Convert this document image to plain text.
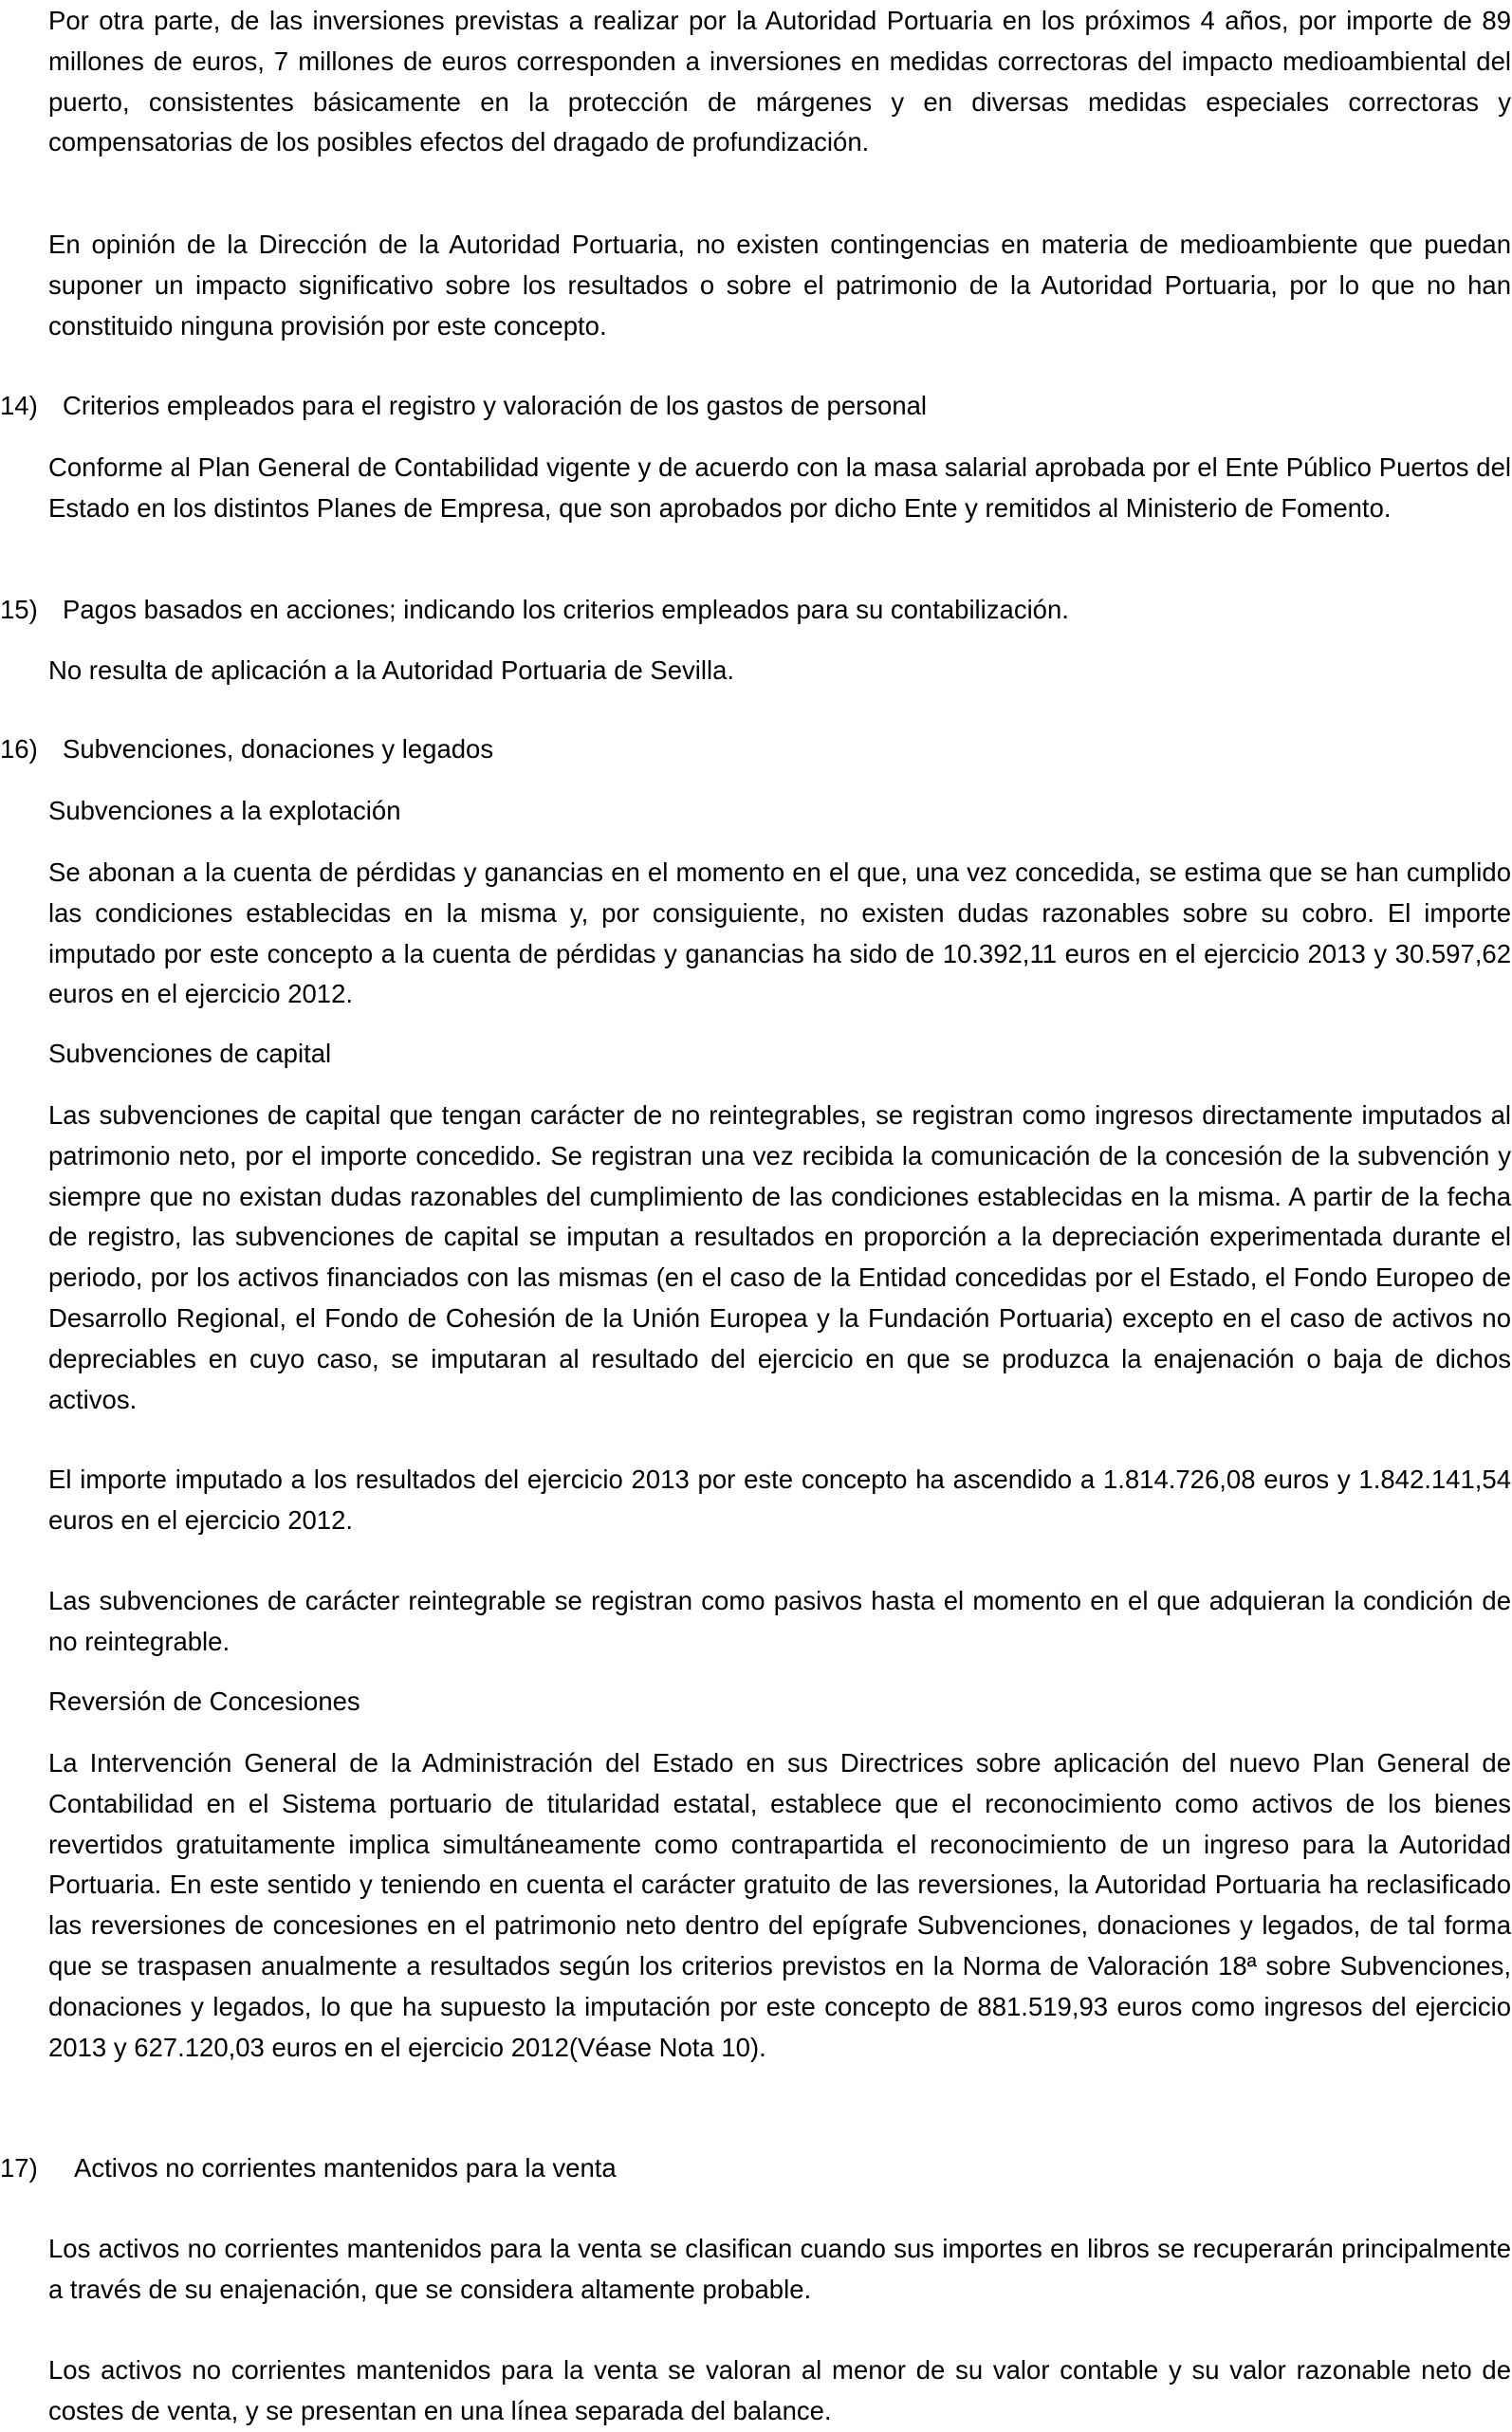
Por otra parte, de las inversiones previstas a realizar por la Autoridad Portuaria en los próximos 4 años, por importe de 89 millones de euros, 7 millones de euros corresponden a inversiones en medidas correctoras del impacto medioambiental del puerto, consistentes básicamente en la protección de márgenes y en diversas medidas especiales correctoras y compensatorias de los posibles efectos del dragado de profundización.

En opinión de la Dirección de la Autoridad Portuaria, no existen contingencias en materia de medioambiente que puedan suponer un impacto significativo sobre los resultados o sobre el patrimonio de la Autoridad Portuaria, por lo que no han constituido ninguna provisión por este concepto.

14) Criterios empleados para el registro y valoración de los gastos de personal

Conforme al Plan General de Contabilidad vigente y de acuerdo con la masa salarial aprobada por el Ente Público Puertos del Estado en los distintos Planes de Empresa, que son aprobados por dicho Ente y remitidos al Ministerio de Fomento.

15) Pagos basados en acciones; indicando los criterios empleados para su contabilización.

No resulta de aplicación a la Autoridad Portuaria de Sevilla.

16) Subvenciones, donaciones y legados

Subvenciones a la explotación

Se abonan a la cuenta de pérdidas y ganancias en el momento en el que, una vez concedida, se estima que se han cumplido las condiciones establecidas en la misma y, por consiguiente, no existen dudas razonables sobre su cobro. El importe imputado por este concepto a la cuenta de pérdidas y ganancias ha sido de 10.392,11 euros en el ejercicio 2013 y 30.597,62 euros en el ejercicio 2012.

Subvenciones de capital

Las subvenciones de capital que tengan carácter de no reintegrables, se registran como ingresos directamente imputados al patrimonio neto, por el importe concedido. Se registran una vez recibida la comunicación de la concesión de la subvención y siempre que no existan dudas razonables del cumplimiento de las condiciones establecidas en la misma. A partir de la fecha de registro, las subvenciones de capital se imputan a resultados en proporción a la depreciación experimentada durante el periodo, por los activos financiados con las mismas (en el caso de la Entidad concedidas por el Estado, el Fondo Europeo de Desarrollo Regional, el Fondo de Cohesión de la Unión Europea y la Fundación Portuaria) excepto en el caso de activos no depreciables en cuyo caso, se imputaran al resultado del ejercicio en que se produzca la enajenación o baja de dichos activos.

El importe imputado a los resultados del ejercicio 2013 por este concepto ha ascendido a 1.814.726,08 euros y 1.842.141,54 euros en el ejercicio 2012.

Las subvenciones de carácter reintegrable se registran como pasivos hasta el momento en el que adquieran la condición de no reintegrable.

Reversión de Concesiones

La Intervención General de la Administración del Estado en sus Directrices sobre aplicación del nuevo Plan General de Contabilidad en el Sistema portuario de titularidad estatal, establece que el reconocimiento como activos de los bienes revertidos gratuitamente implica simultáneamente como contrapartida el reconocimiento de un ingreso para la Autoridad Portuaria. En este sentido y teniendo en cuenta el carácter gratuito de las reversiones, la Autoridad Portuaria ha reclasificado las reversiones de concesiones en el patrimonio neto dentro del epígrafe Subvenciones, donaciones y legados, de tal forma que se traspasen anualmente a resultados según los criterios previstos en la Norma de Valoración 18ª sobre Subvenciones, donaciones y legados, lo que ha supuesto la imputación por este concepto de 881.519,93 euros como ingresos del ejercicio 2013 y 627.120,03 euros en el ejercicio 2012(Véase Nota 10).

17) Activos no corrientes mantenidos para la venta

Los activos no corrientes mantenidos para la venta se clasifican cuando sus importes en libros se recuperarán principalmente a través de su enajenación, que se considera altamente probable.

Los activos no corrientes mantenidos para la venta se valoran al menor de su valor contable y su valor razonable neto de costes de venta, y se presentan en una línea separada del balance.
